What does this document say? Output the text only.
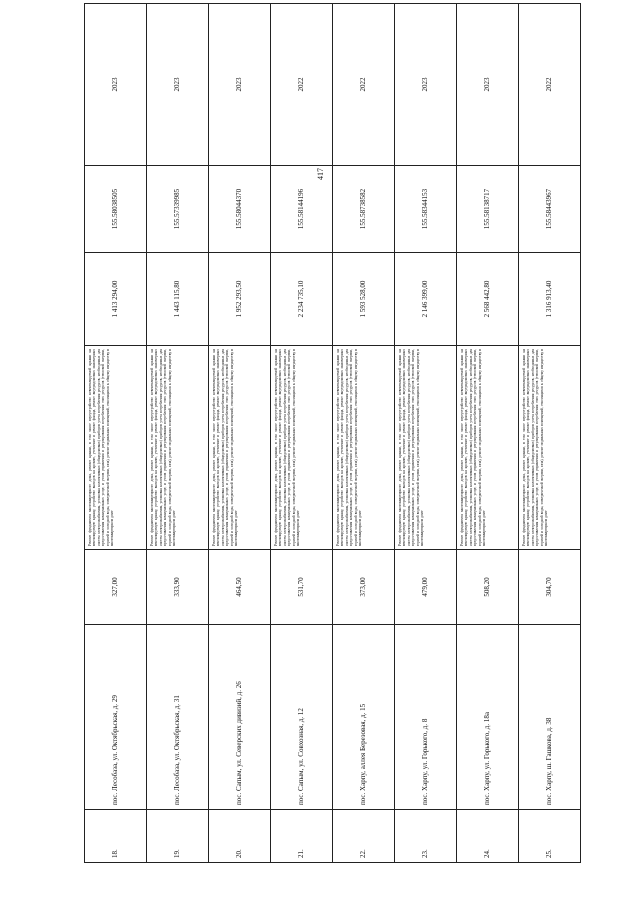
417
18.	пос. Лесобаза, ул. Октябрьская, д. 29	327,00	Ремонт фундамента многоквартирного дома, ремонт крыши, в том числе переустройство невентилируемой крыши на вентилируемую крышу, устройство выходов на кровлю, утепление и ремонт фасада, ремонт внутридомовых инженерных систем электроснабжения, установка коллективных (общедомовых) приборов учета потребления ресурсов, необходимых для предоставления коммунальных услуг, и узлов управления и регулирования потребления этих ресурсов (тепловой энергии, горячей и холодной воды, электрической энергии, газа), ремонт подвальных помещений, относящихся к общему имуществу в многоквартирном доме	1 413 294,00	155.58038505	2023
19.	пос. Лесобаза, ул. Октябрьская, д. 31	333,90	Ремонт фундамента многоквартирного дома, ремонт крыши, в том числе переустройство невентилируемой крыши на вентилируемую крышу, устройство выходов на кровлю, утепление и ремонт фасада, ремонт внутридомовых инженерных систем электроснабжения, установка коллективных (общедомовых) приборов учета потребления ресурсов, необходимых для предоставления коммунальных услуг, и узлов управления и регулирования потребления этих ресурсов (тепловой энергии, горячей и холодной воды, электрической энергии, газа), ремонт подвальных помещений, относящихся к общему имуществу в многоквартирном доме	1 443 115,80	155.57339985	2023
20.	пос. Сапым, ул. Северских дивизий, д. 26	464,50	Ремонт фундамента многоквартирного дома, ремонт крыши, в том числе переустройство невентилируемой крыши на вентилируемую крышу, устройство выходов на кровлю, утепление и ремонт фасада, ремонт внутридомовых инженерных систем электроснабжения, установка коллективных (общедомовых) приборов учета потребления ресурсов, необходимых для предоставления коммунальных услуг, и узлов управления и регулирования потребления этих ресурсов (тепловой энергии, горячей и холодной воды, электрической энергии, газа), ремонт подвальных помещений, относящихся к общему имуществу в многоквартирном доме	1 952 293,50	155.58044370	2023
21.	пос. Сапым, ул. Совхозная, д. 12	531,70	Ремонт фундамента многоквартирного дома, ремонт крыши, в том числе переустройство невентилируемой крыши на вентилируемую крышу, устройство выходов на кровлю, утепление и ремонт фасада, ремонт внутридомовых инженерных систем электроснабжения, установка коллективных (общедомовых) приборов учета потребления ресурсов, необходимых для предоставления коммунальных услуг, и узлов управления и регулирования потребления этих ресурсов (тепловой энергии, горячей и холодной воды, электрической энергии, газа), ремонт подвальных помещений, относящихся к общему имуществу в многоквартирном доме	2 234 735,10	155.58144196	2022
22.	пос. Харпу, аллея Березовая, д. 15	373,00	Ремонт фундамента многоквартирного дома, ремонт крыши, в том числе переустройство невентилируемой крыши на вентилируемую крышу, устройство выходов на кровлю, утепление и ремонт фасада, ремонт внутридомовых инженерных систем электроснабжения, установка коллективных (общедомовых) приборов учета потребления ресурсов, необходимых для предоставления коммунальных услуг, и узлов управления и регулирования потребления этих ресурсов (тепловой энергии, горячей и холодной воды, электрической энергии, газа), ремонт подвальных помещений, относящихся к общему имуществу в многоквартирном доме	1 593 528,00	155.58738582	2022
23.	пос. Харпу, ул. Горького, д. 8	479,00	Ремонт фундамента многоквартирного дома, ремонт крыши, в том числе переустройство невентилируемой крыши на вентилируемую крышу, устройство выходов на кровлю, утепление и ремонт фасада, ремонт внутридомовых инженерных систем электроснабжения, установка коллективных (общедомовых) приборов учета потребления ресурсов, необходимых для предоставления коммунальных услуг, и узлов управления и регулирования потребления этих ресурсов (тепловой энергии, горячей и холодной воды, электрической энергии, газа), ремонт подвальных помещений, относящихся к общему имуществу в многоквартирном доме	2 146 399,00	155.58344153	2023
24.	пос. Харпу, ул. Горького, д. 18а	508,20	Ремонт фундамента многоквартирного дома, ремонт крыши, в том числе переустройство невентилируемой крыши на вентилируемую крышу, устройство выходов на кровлю, утепление и ремонт фасада, ремонт внутридомовых инженерных систем электроснабжения, установка коллективных (общедомовых) приборов учета потребления ресурсов, необходимых для предоставления коммунальных услуг, и узлов управления и регулирования потребления этих ресурсов (тепловой энергии, горячей и холодной воды, электрической энергии, газа), ремонт подвальных помещений, относящихся к общему имуществу в многоквартирном доме	2 568 442,80	155.58138717	2023
25.	пос. Харпу, ш. Гашкова, д. 38	304,70	Ремонт фундамента многоквартирного дома, ремонт крыши, в том числе переустройство невентилируемой крыши на вентилируемую крышу, устройство выходов на кровлю, утепление и ремонт фасада, ремонт внутридомовых инженерных систем электроснабжения, установка коллективных (общедомовых) приборов учета потребления ресурсов, необходимых для предоставления коммунальных услуг, и узлов управления и регулирования потребления этих ресурсов (тепловой энергии, горячей и холодной воды, электрической энергии, газа), ремонт подвальных помещений, относящихся к общему имуществу в многоквартирном доме	1 316 913,40	155.58443967	2022
